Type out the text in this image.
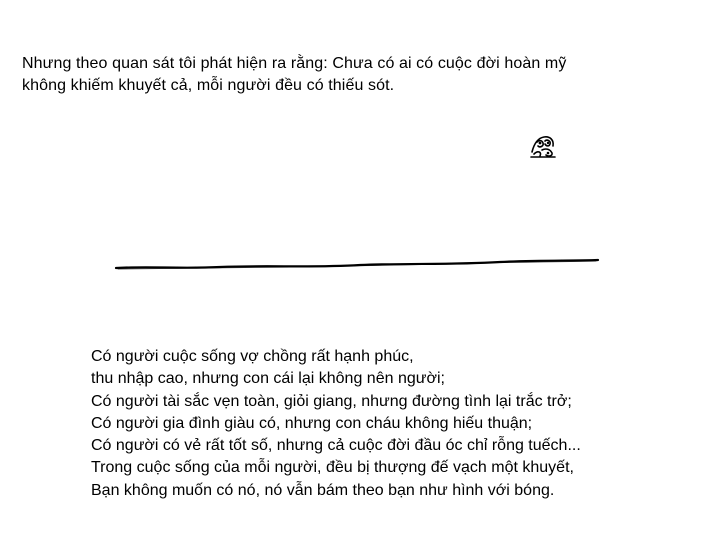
Nhưng theo quan sát tôi phát hiện ra rằng: Chưa có ai có cuộc đời hoàn mỹ
không khiếm khuyết cả, mỗi người đều có thiếu sót.
Có người cuộc sống vợ chồng rất hạnh phúc,
thu nhập cao, nhưng con cái lại không nên người;
Có người tài sắc vẹn toàn, giỏi giang, nhưng đường tình lại trắc trở;
Có người gia đình giàu có, nhưng con cháu không hiếu thuận;
Có người có vẻ rất tốt số, nhưng cả cuộc đời đầu óc chỉ rỗng tuếch...
Trong cuộc sống của mỗi người, đều bị thượng đế vạch một khuyết,
Bạn không muốn có nó, nó vẫn bám theo bạn như hình với bóng.
